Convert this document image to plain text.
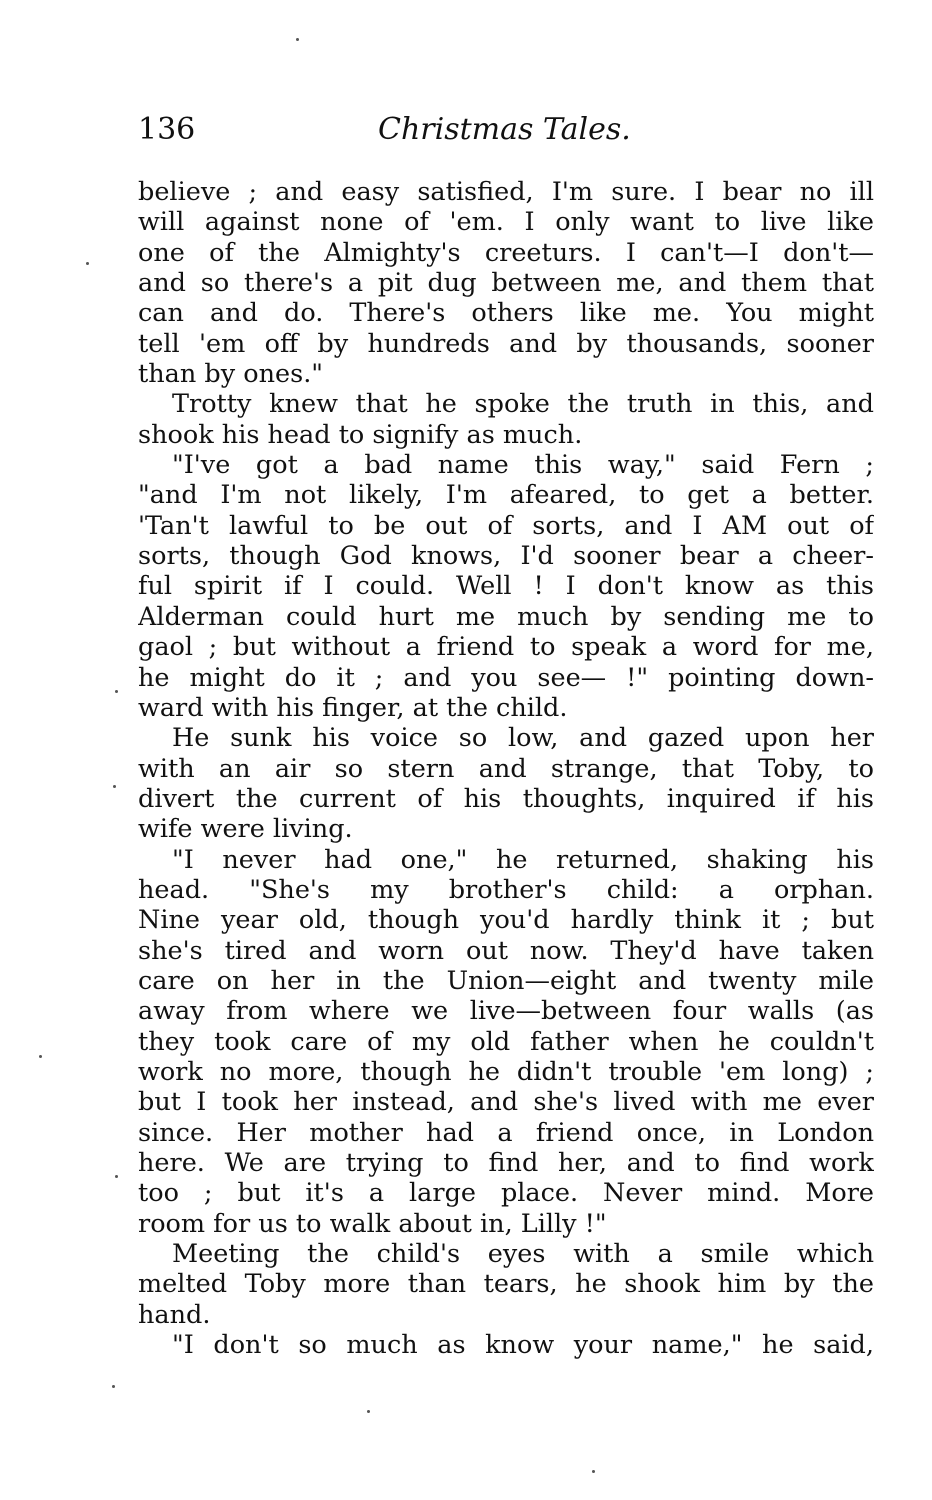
136	Christmas Tales.
believe ; and easy satisfied, I'm sure. I bear no ill
will against none of 'em. I only want to live like
one of the Almighty's creeturs. I can't—I don't—
and so there's a pit dug between me, and them that
can and do. There's others like me. You might
tell 'em off by hundreds and by thousands, sooner
than by ones."
Trotty knew that he spoke the truth in this, and
shook his head to signify as much.
"I've got a bad name this way," said Fern ;
"and I'm not likely, I'm afeared, to get a better.
'Tan't lawful to be out of sorts, and I AM out of
sorts, though God knows, I'd sooner bear a cheer-
ful spirit if I could. Well ! I don't know as this
Alderman could hurt me much by sending me to
gaol ; but without a friend to speak a word for me,
he might do it ; and you see— !" pointing down-
ward with his finger, at the child.
He sunk his voice so low, and gazed upon her
with an air so stern and strange, that Toby, to
divert the current of his thoughts, inquired if his
wife were living.
"I never had one," he returned, shaking his
head. "She's my brother's child: a orphan.
Nine year old, though you'd hardly think it ; but
she's tired and worn out now. They'd have taken
care on her in the Union—eight and twenty mile
away from where we live—between four walls (as
they took care of my old father when he couldn't
work no more, though he didn't trouble 'em long) ;
but I took her instead, and she's lived with me ever
since. Her mother had a friend once, in London
here. We are trying to find her, and to find work
too ; but it's a large place. Never mind. More
room for us to walk about in, Lilly !"
Meeting the child's eyes with a smile which
melted Toby more than tears, he shook him by the
hand.
"I don't so much as know your name," he said,
